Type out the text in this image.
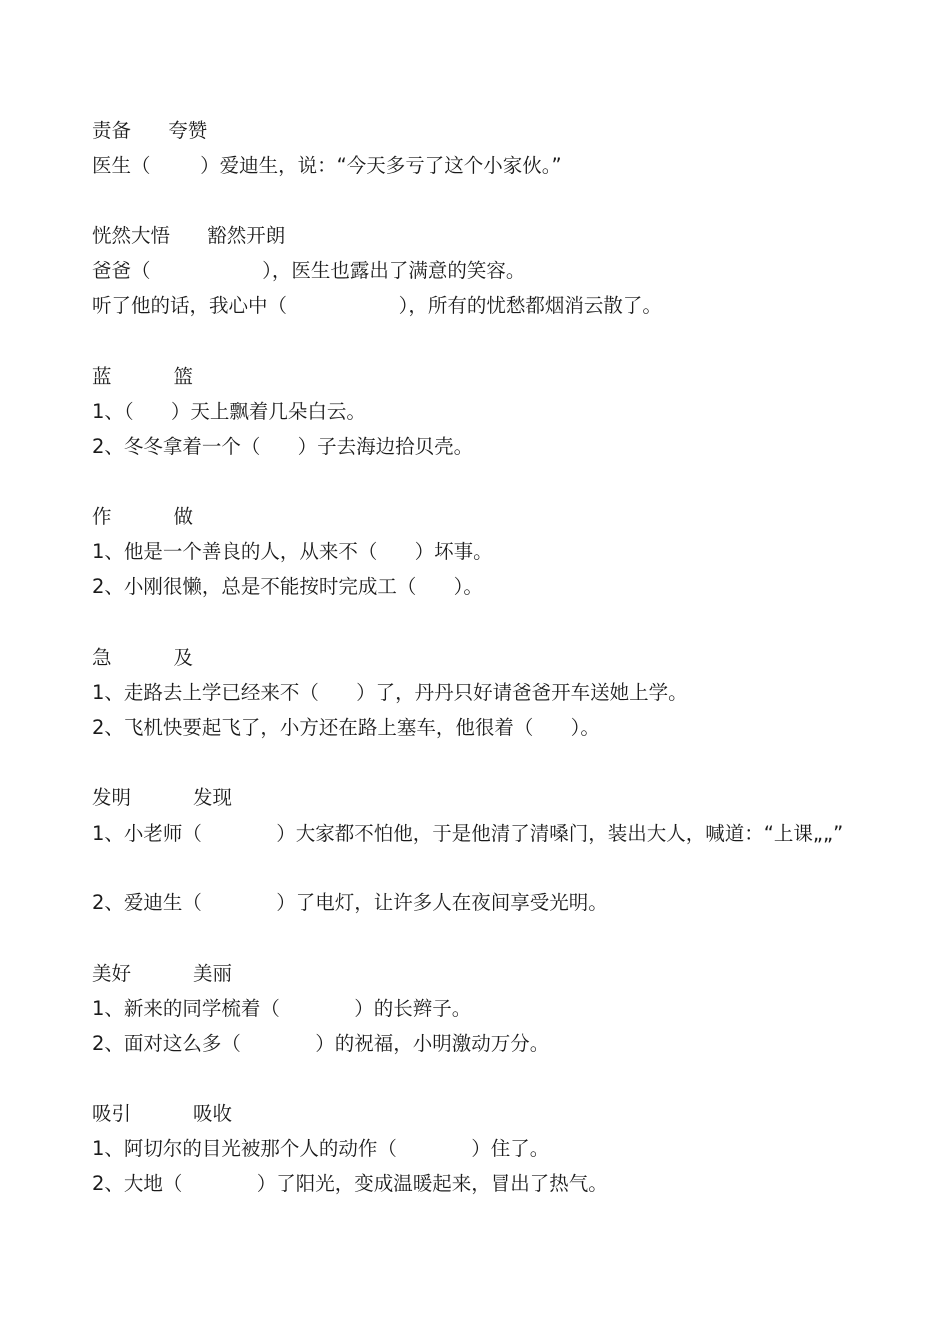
责备      夸赞
医生（        ）爱迪生，说：“今天多亏了这个小家伙。”
恍然大悟      豁然开朗
爸爸（                  ），医生也露出了满意的笑容。
听了他的话，我心中（                  ），所有的忧愁都烟消云散了。
蓝          篮
1、（      ）天上飘着几朵白云。
2、冬冬拿着一个（      ）子去海边拾贝壳。
作          做
1、他是一个善良的人，从来不（      ）坏事。
2、小刚很懒，总是不能按时完成工（      ）。
急          及
1、走路去上学已经来不（      ）了，丹丹只好请爸爸开车送她上学。
2、飞机快要起飞了，小方还在路上塞车，他很着（      ）。
发明          发现
1、小老师（            ）大家都不怕他，于是他清了清嗓门，装出大人，喊道：“上课„„”
2、爱迪生（            ）了电灯，让许多人在夜间享受光明。
美好          美丽
1、新来的同学梳着（            ）的长辫子。
2、面对这么多（            ）的祝福，小明激动万分。
吸引          吸收
1、阿切尔的目光被那个人的动作（            ）住了。
2、大地（            ）了阳光，变成温暖起来，冒出了热气。
